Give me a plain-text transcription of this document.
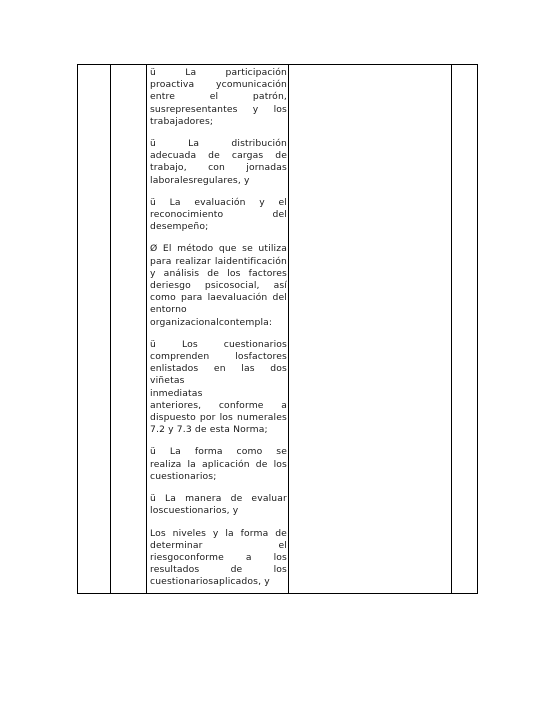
ü La participación
proactiva ycomunicación
entre el patrón,
susrepresentantes y los
trabajadores;
ü La distribución
adecuada de cargas de
trabajo, con jornadas
laboralesregulares, y
ü La evaluación y el
reconocimiento del
desempeño;
Ø El método que se utiliza
para realizar laidentificación
y análisis de los factores
deriesgo psicosocial, así
como para laevaluación del
entorno
organizacionalcontempla:
ü Los cuestionarios
comprenden losfactores
enlistados en las dos viñetas
inmediatas
anteriores, conforme a
dispuesto por los numerales
7.2 y 7.3 de esta Norma;
ü La forma como se
realiza la aplicación de los
cuestionarios;
ü La manera de evaluar
loscuestionarios, y
Los niveles y la forma de
determinar el
riesgoconforme a los
resultados de los
cuestionariosaplicados, y
